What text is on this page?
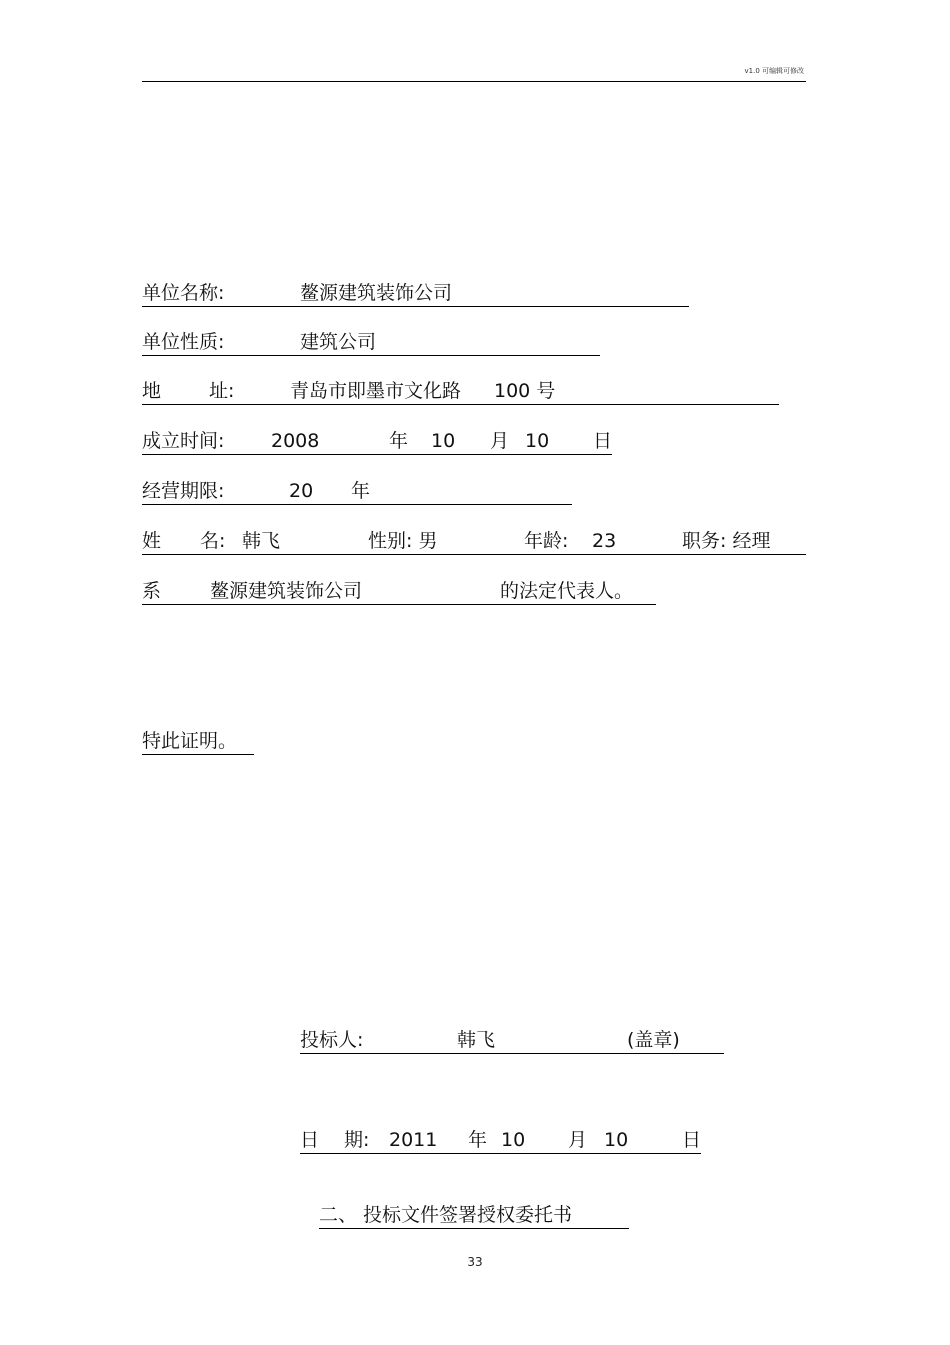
v1.0 可编辑可修改
单位名称:	鳌源建筑装饰公司
单位性质:	建筑公司
地	址:	青岛市即墨市文化路 100 号
成立时间: 2008	年 10 月 10 日
经营期限:	20 年
姓 名: 韩飞	性别: 男	年龄: 23	职务: 经理
系	鳌源建筑装饰公司	的法定代表人。
特此证明。
投标人:	韩飞	(盖章)
日 期: 2011 年 10 月 10	日
二、 投标文件签署授权委托书
33
